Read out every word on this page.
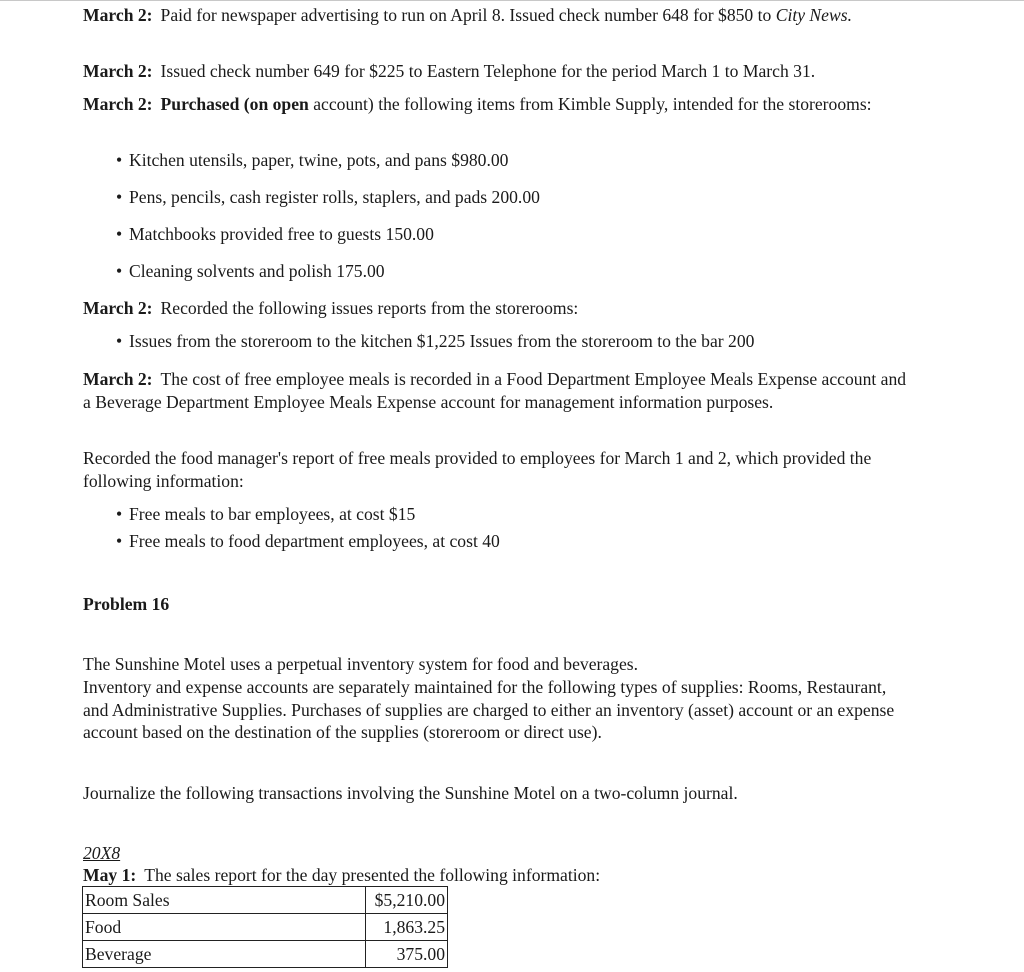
March 2: Paid for newspaper advertising to run on April 8. Issued check number 648 for $850 to City News.
March 2: Issued check number 649 for $225 to Eastern Telephone for the period March 1 to March 31.
March 2: Purchased (on open account) the following items from Kimble Supply, intended for the storerooms:
• Kitchen utensils, paper, twine, pots, and pans $980.00
• Pens, pencils, cash register rolls, staplers, and pads 200.00
• Matchbooks provided free to guests 150.00
• Cleaning solvents and polish 175.00
March 2: Recorded the following issues reports from the storerooms:
• Issues from the storeroom to the kitchen $1,225 Issues from the storeroom to the bar 200
March 2: The cost of free employee meals is recorded in a Food Department Employee Meals Expense account and a Beverage Department Employee Meals Expense account for management information purposes.
Recorded the food manager's report of free meals provided to employees for March 1 and 2, which provided the following information:
• Free meals to bar employees, at cost $15
• Free meals to food department employees, at cost 40
Problem 16
The Sunshine Motel uses a perpetual inventory system for food and beverages.
Inventory and expense accounts are separately maintained for the following types of supplies: Rooms, Restaurant, and Administrative Supplies. Purchases of supplies are charged to either an inventory (asset) account or an expense account based on the destination of the supplies (storeroom or direct use).
Journalize the following transactions involving the Sunshine Motel on a two-column journal.
20X8
May 1: The sales report for the day presented the following information:
Room Sales	$5,210.00
Food	1,863.25
Beverage	375.00
